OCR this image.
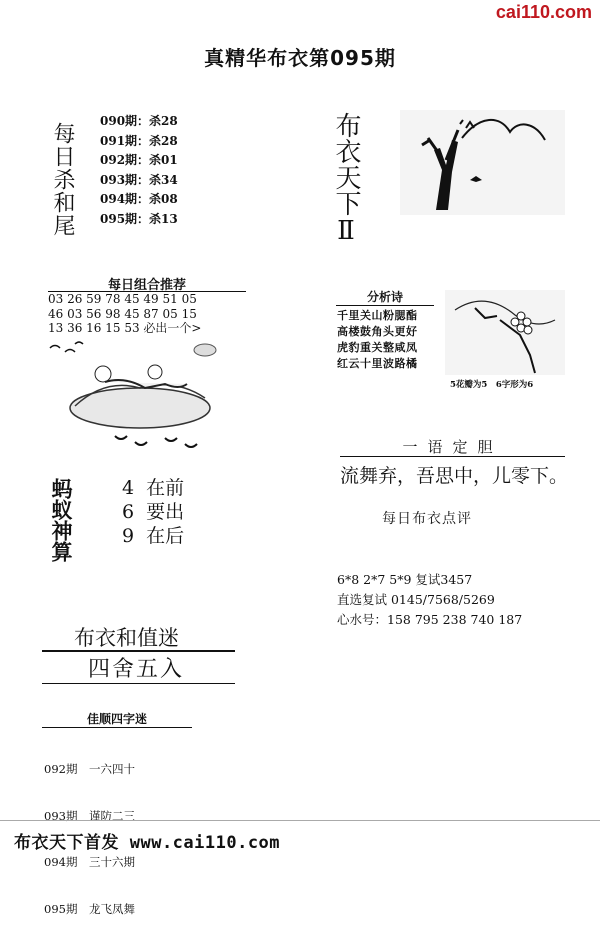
cai110.com
真精华布衣第095期
每日杀和尾
090期：杀28
091期：杀28
092期：杀01
093期：杀34
094期：杀08
095期：杀13	布衣天下Ⅱ
每日组合推荐
03 26 59 78 45 49 51 05
46 03 56 98 45 87 05 15
13 36 16 15 53 必出一个>
分析诗
千里关山粉腮酯
高楼鼓角头更好
虎豹重关整咸凤
红云十里波路橘
5花瓣为5　6字形为6
一语定胆
流舞弃，吾思中，儿零下。
每日布衣点评
6*8 2*7 5*9 复试3457
直选复试 0145/7568/5269
心水号：158 795 238 740 187
蚂蚁神算	4  在前
6  要出
9  在后
布衣和值迷
四舍五入
佳顺四字迷

092期　一六四十

093期　谨防二三

094期　三十六期

095期　龙飞凤舞

布衣天下首发 www.cai110.com
